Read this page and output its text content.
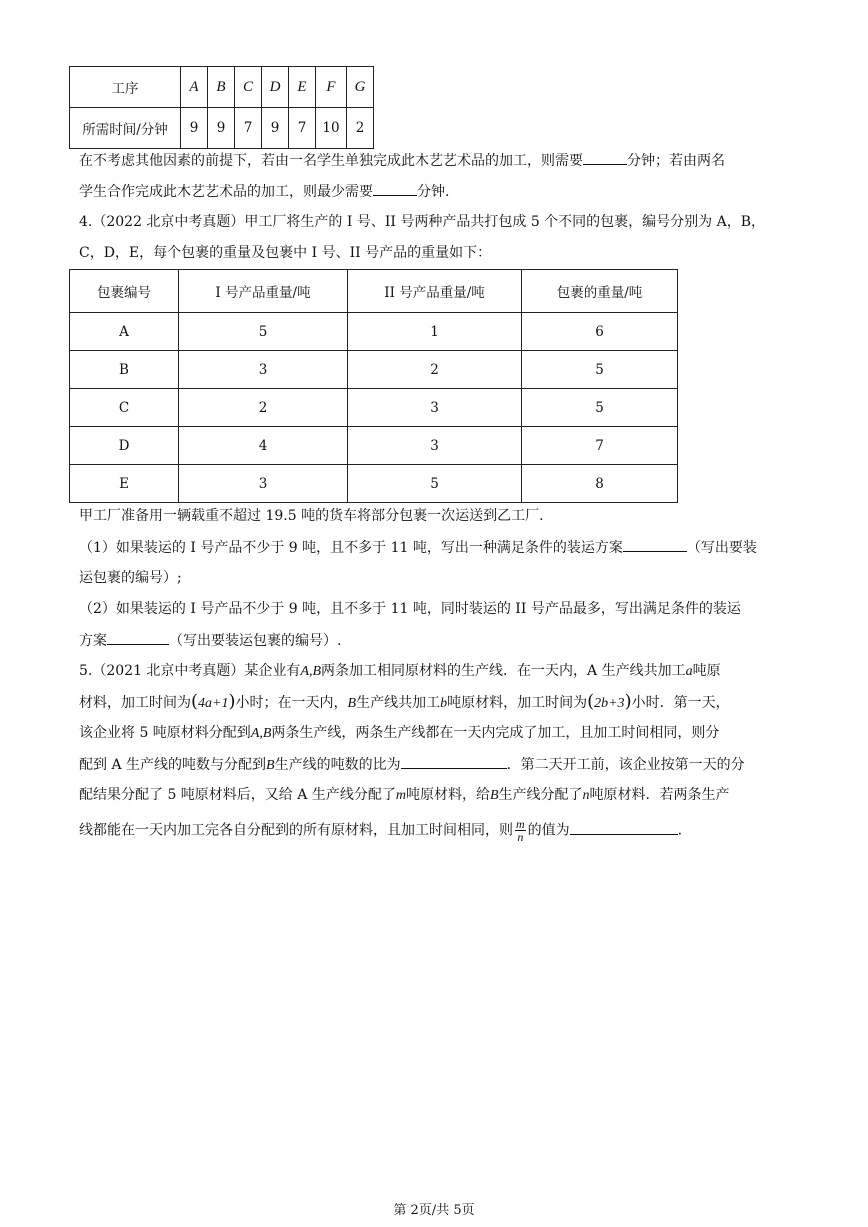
工序	A	B	C	D	E	F	G
所需时间/分钟	9	9	7	9	7	10	2
在不考虑其他因素的前提下，若由一名学生单独完成此木艺艺术品的加工，则需要	分钟；若由两名
学生合作完成此木艺艺术品的加工，则最少需要	分钟.
4.（2022 北京中考真题）甲工厂将生产的 I 号、II 号两种产品共打包成 5 个不同的包裹，编号分别为 A，B，
C，D，E，每个包裹的重量及包裹中 I 号、II 号产品的重量如下：
包裹编号	I 号产品重量/吨	II 号产品重量/吨	包裹的重量/吨
A	5	1	6
B	3	2	5
C	2	3	5
D	4	3	7
E	3	5	8
甲工厂准备用一辆载重不超过 19.5 吨的货车将部分包裹一次运送到乙工厂.
（1）如果装运的 I 号产品不少于 9 吨，且不多于 11 吨，写出一种满足条件的装运方案	（写出要装
运包裹的编号）;
（2）如果装运的 I 号产品不少于 9 吨，且不多于 11 吨，同时装运的 II 号产品最多，写出满足条件的装运
方案	（写出要装运包裹的编号）.
5.（2021 北京中考真题）某企业有A,B两条加工相同原材料的生产线．在一天内，A 生产线共加工a吨原
材料，加工时间为(4a+1)小时；在一天内，B生产线共加工b吨原材料，加工时间为(2b+3)小时．第一天，
该企业将 5 吨原材料分配到A,B两条生产线，两条生产线都在一天内完成了加工，且加工时间相同，则分
配到 A 生产线的吨数与分配到B生产线的吨数的比为	．第二天开工前，该企业按第一天的分
配结果分配了 5 吨原材料后，又给 A 生产线分配了m吨原材料，给B生产线分配了n吨原材料．若两条生产
线都能在一天内加工完各自分配到的所有原材料，且加工时间相同，则 $\frac{m}{n}$ 的值为	.
第 2页/共 5页
